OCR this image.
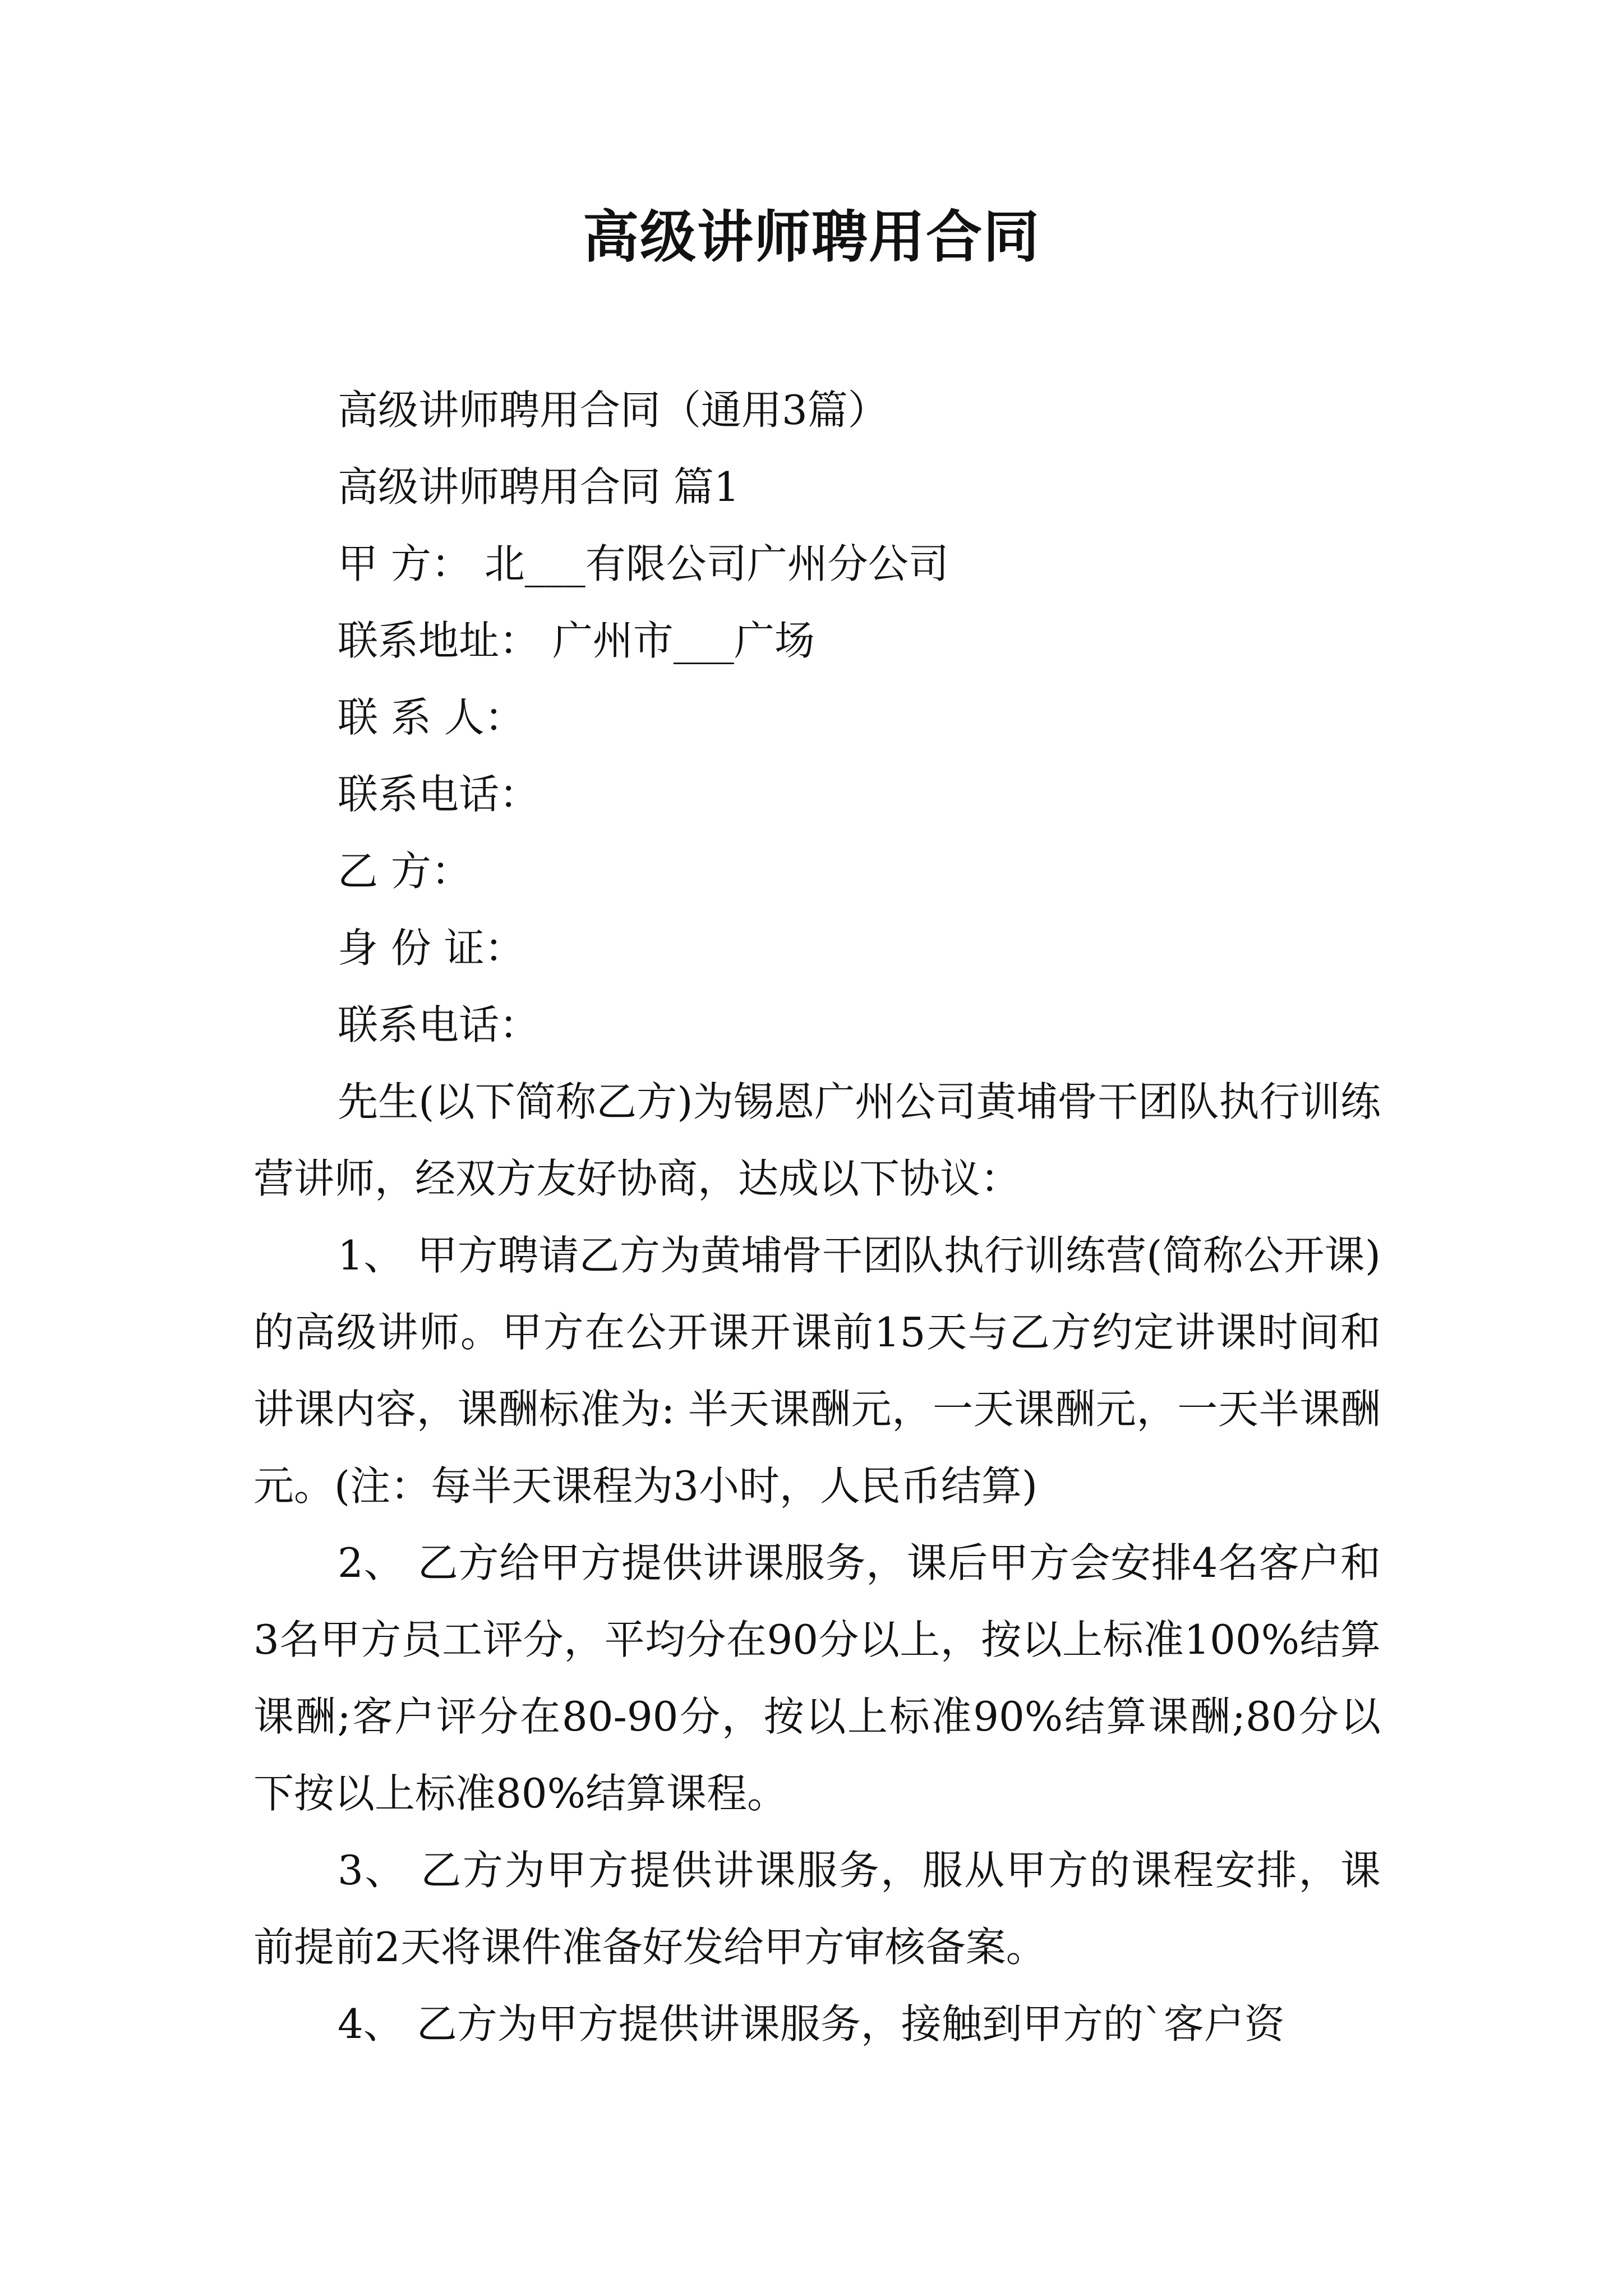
高级讲师聘用合同
高级讲师聘用合同（通用3篇）
高级讲师聘用合同 篇1
甲 方： 北___有限公司广州分公司
联系地址： 广州市___广场
联 系 人：
联系电话：
乙 方：
身 份 证：
联系电话：
先生(以下简称乙方)为锡恩广州公司黄埔骨干团队执行训练营讲师，经双方友好协商，达成以下协议：
1、 甲方聘请乙方为黄埔骨干团队执行训练营(简称公开课)的高级讲师。甲方在公开课开课前15天与乙方约定讲课时间和讲课内容，课酬标准为: 半天课酬元，一天课酬元，一天半课酬元。(注：每半天课程为3小时，人民币结算)
2、 乙方给甲方提供讲课服务，课后甲方会安排4名客户和3名甲方员工评分，平均分在90分以上，按以上标准100%结算课酬;客户评分在80-90分，按以上标准90%结算课酬;80分以下按以上标准80%结算课程。
3、 乙方为甲方提供讲课服务，服从甲方的课程安排，课前提前2天将课件准备好发给甲方审核备案。
4、 乙方为甲方提供讲课服务，接触到甲方的`客户资
